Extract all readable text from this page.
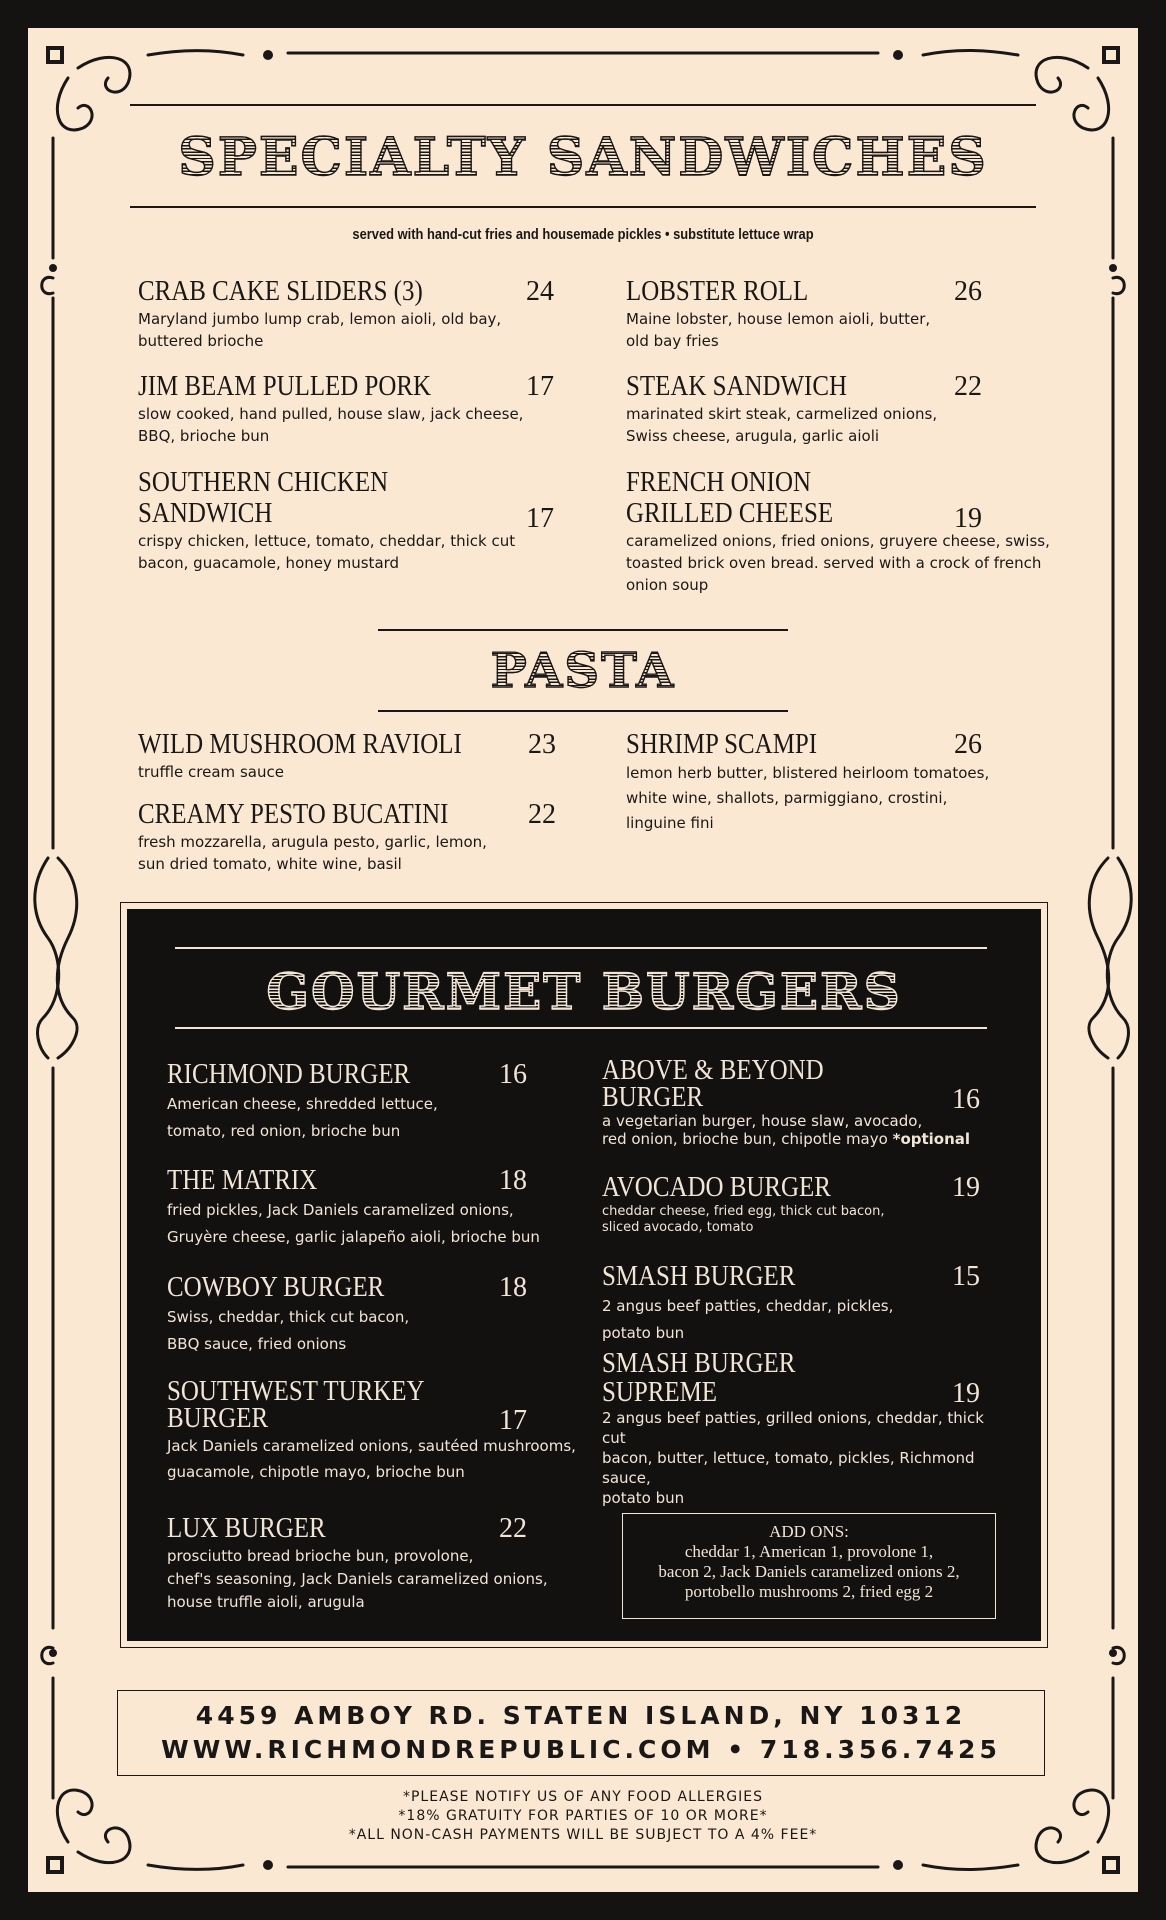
SPECIALTY SANDWICHES
served with hand-cut fries and housemade pickles • substitute lettuce wrap
CRAB CAKE SLIDERS (3)	24
Maryland jumbo lump crab, lemon aioli, old bay,
buttered brioche
LOBSTER ROLL	26
Maine lobster, house lemon aioli, butter,
old bay fries
JIM BEAM PULLED PORK	17
slow cooked, hand pulled, house slaw, jack cheese,
BBQ, brioche bun
STEAK SANDWICH	22
marinated skirt steak, carmelized onions,
Swiss cheese, arugula, garlic aioli
SOUTHERN CHICKEN
SANDWICH	17
crispy chicken, lettuce, tomato, cheddar, thick cut
bacon, guacamole, honey mustard
FRENCH ONION
GRILLED CHEESE	19
caramelized onions, fried onions, gruyere cheese, swiss,
toasted brick oven bread. served with a crock of french
onion soup
PASTA
WILD MUSHROOM RAVIOLI	23
truffle cream sauce
SHRIMP SCAMPI	26
lemon herb butter, blistered heirloom tomatoes,
white wine, shallots, parmiggiano, crostini,
linguine fini
CREAMY PESTO BUCATINI	22
fresh mozzarella, arugula pesto, garlic, lemon,
sun dried tomato, white wine, basil
GOURMET BURGERS
RICHMOND BURGER	16
American cheese, shredded lettuce,
tomato, red onion, brioche bun
THE MATRIX	18
fried pickles, Jack Daniels caramelized onions,
Gruyère cheese, garlic jalapeño aioli, brioche bun
COWBOY BURGER	18
Swiss, cheddar, thick cut bacon,
BBQ sauce, fried onions
SOUTHWEST TURKEY
BURGER	17
Jack Daniels caramelized onions, sautéed mushrooms,
guacamole, chipotle mayo, brioche bun
LUX BURGER	22
prosciutto bread brioche bun, provolone,
chef's seasoning, Jack Daniels caramelized onions,
house truffle aioli, arugula
ABOVE & BEYOND
BURGER	16
a vegetarian burger, house slaw, avocado,
red onion, brioche bun, chipotle mayo *optional
AVOCADO BURGER	19
cheddar cheese, fried egg, thick cut bacon,
sliced avocado, tomato
SMASH BURGER	15
2 angus beef patties, cheddar, pickles,
potato bun
SMASH BURGER
SUPREME	19
2 angus beef patties, grilled onions, cheddar, thick cut
bacon, butter, lettuce, tomato, pickles, Richmond sauce,
potato bun
ADD ONS:
cheddar 1, American 1, provolone 1,
bacon 2, Jack Daniels caramelized onions 2,
portobello mushrooms 2, fried egg 2
4459 AMBOY RD. STATEN ISLAND, NY 10312
WWW.RICHMONDREPUBLIC.COM • 718.356.7425
*PLEASE NOTIFY US OF ANY FOOD ALLERGIES
*18% GRATUITY FOR PARTIES OF 10 OR MORE*
*ALL NON-CASH PAYMENTS WILL BE SUBJECT TO A 4% FEE*
